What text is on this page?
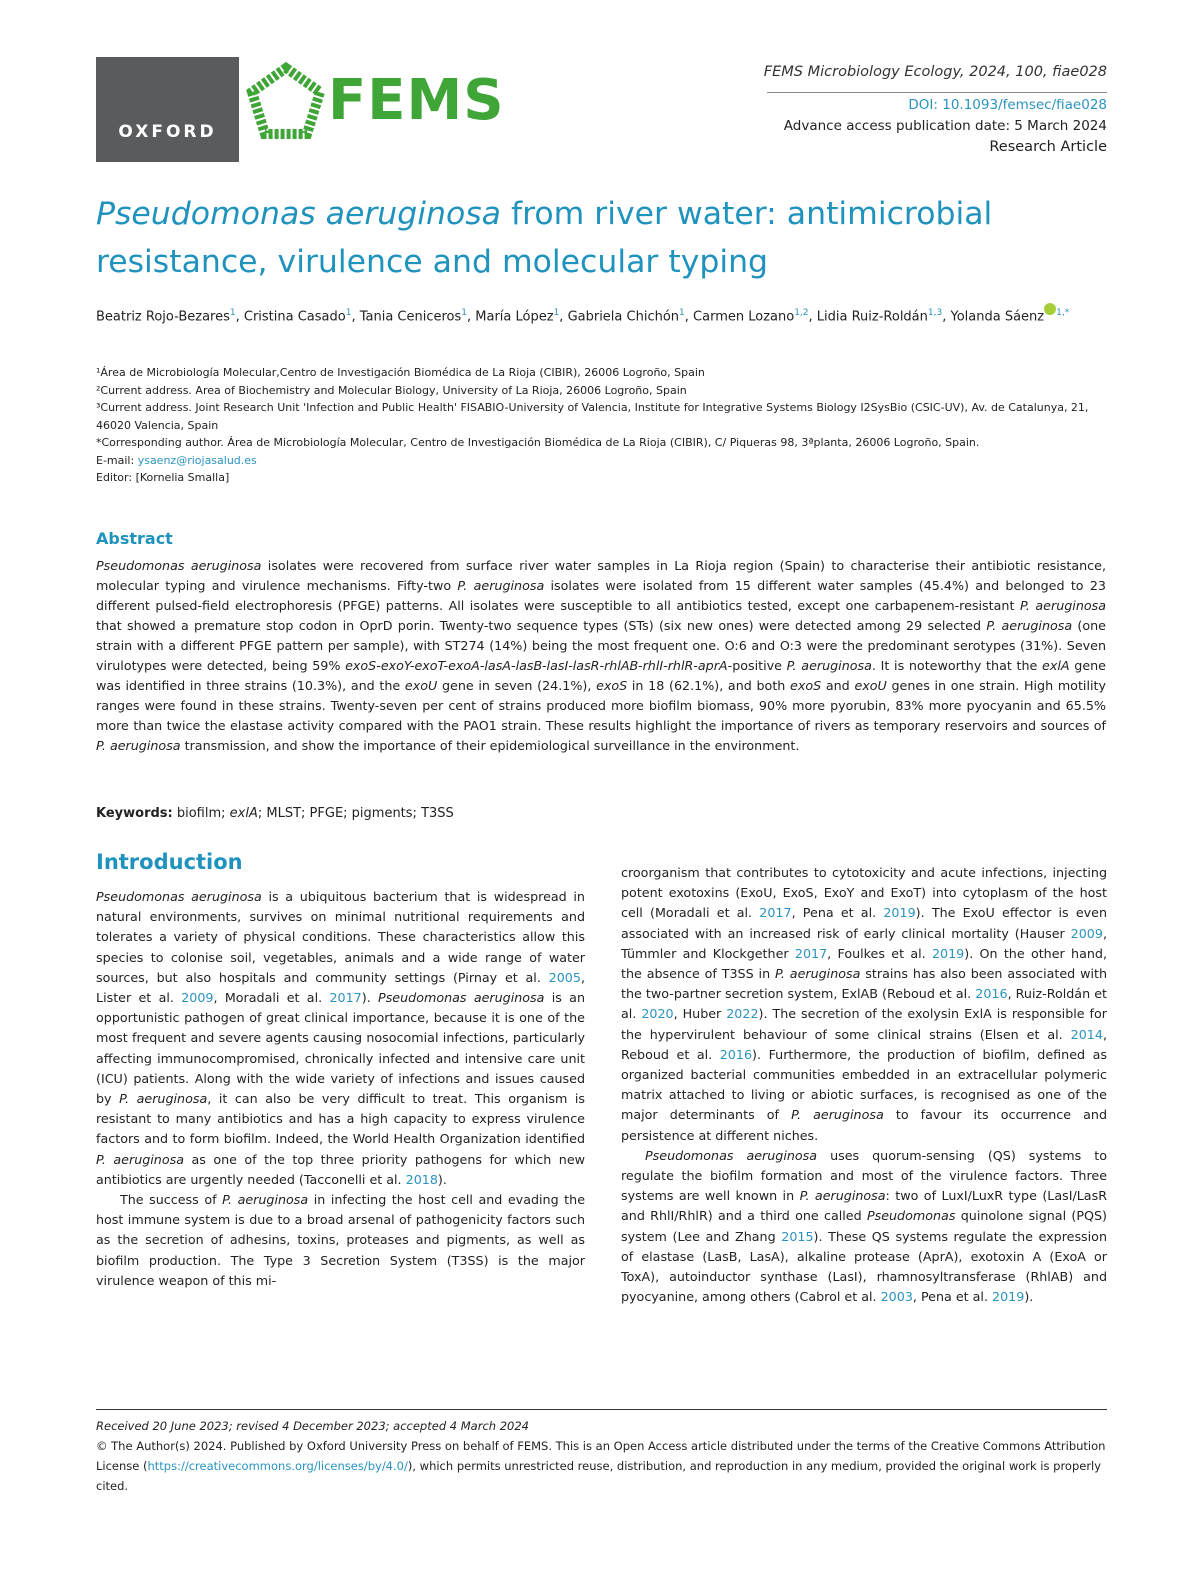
OXFORD	FEMS	FEMS Microbiology Ecology, 2024, 100, fiae028
DOI: 10.1093/femsec/fiae028
Advance access publication date: 5 March 2024
Research Article
Pseudomonas aeruginosa from river water: antimicrobial resistance, virulence and molecular typing
Beatriz Rojo-Bezares$^1$, Cristina Casado$^1$, Tania Ceniceros$^1$, María López$^1$, Gabriela Chichón$^1$, Carmen Lozano$^{1,2}$, Lidia Ruiz-Roldán$^{1,3}$, Yolanda Sáenz $^{1,*}$

¹Área de Microbiología Molecular,Centro de Investigación Biomédica de La Rioja (CIBIR), 26006 Logroño, Spain

²Current address. Area of Biochemistry and Molecular Biology, University of La Rioja, 26006 Logroño, Spain

³Current address. Joint Research Unit 'Infection and Public Health' FISABIO-University of Valencia, Institute for Integrative Systems Biology I2SysBio (CSIC-UV), Av. de Catalunya, 21, 46020 Valencia, Spain

*Corresponding author. Área de Microbiología Molecular, Centro de Investigación Biomédica de La Rioja (CIBIR), C/ Piqueras 98, 3ªplanta, 26006 Logroño, Spain.

E-mail: ysaenz@riojasalud.es

Editor: [Kornelia Smalla]

Abstract

Pseudomonas aeruginosa isolates were recovered from surface river water samples in La Rioja region (Spain) to characterise their antibiotic resistance, molecular typing and virulence mechanisms. Fifty-two P. aeruginosa isolates were isolated from 15 different water samples (45.4%) and belonged to 23 different pulsed-field electrophoresis (PFGE) patterns. All isolates were susceptible to all antibiotics tested, except one carbapenem-resistant P. aeruginosa that showed a premature stop codon in OprD porin. Twenty-two sequence types (STs) (six new ones) were detected among 29 selected P. aeruginosa (one strain with a different PFGE pattern per sample), with ST274 (14%) being the most frequent one. O:6 and O:3 were the predominant serotypes (31%). Seven virulotypes were detected, being 59% exoS-exoY-exoT-exoA-lasA-lasB-lasI-lasR-rhlAB-rhlI-rhlR-aprA-positive P. aeruginosa. It is noteworthy that the exlA gene was identified in three strains (10.3%), and the exoU gene in seven (24.1%), exoS in 18 (62.1%), and both exoS and exoU genes in one strain. High motility ranges were found in these strains. Twenty-seven per cent of strains produced more biofilm biomass, 90% more pyorubin, 83% more pyocyanin and 65.5% more than twice the elastase activity compared with the PAO1 strain. These results highlight the importance of rivers as temporary reservoirs and sources of P. aeruginosa transmission, and show the importance of their epidemiological surveillance in the environment.

Keywords: biofilm; exlA; MLST; PFGE; pigments; T3SS
Introduction

Pseudomonas aeruginosa is a ubiquitous bacterium that is widespread in natural environments, survives on minimal nutritional requirements and tolerates a variety of physical conditions. These characteristics allow this species to colonise soil, vegetables, animals and a wide range of water sources, but also hospitals and community settings (Pirnay et al. 2005, Lister et al. 2009, Moradali et al. 2017). Pseudomonas aeruginosa is an opportunistic pathogen of great clinical importance, because it is one of the most frequent and severe agents causing nosocomial infections, particularly affecting immunocompromised, chronically infected and intensive care unit (ICU) patients. Along with the wide variety of infections and issues caused by P. aeruginosa, it can also be very difficult to treat. This organism is resistant to many antibiotics and has a high capacity to express virulence factors and to form biofilm. Indeed, the World Health Organization identified P. aeruginosa as one of the top three priority pathogens for which new antibiotics are urgently needed (Tacconelli et al. 2018).

The success of P. aeruginosa in infecting the host cell and evading the host immune system is due to a broad arsenal of pathogenicity factors such as the secretion of adhesins, toxins, proteases and pigments, as well as biofilm production. The Type 3 Secretion System (T3SS) is the major virulence weapon of this mi-

croorganism that contributes to cytotoxicity and acute infections, injecting potent exotoxins (ExoU, ExoS, ExoY and ExoT) into cytoplasm of the host cell (Moradali et al. 2017, Pena et al. 2019). The ExoU effector is even associated with an increased risk of early clinical mortality (Hauser 2009, Tümmler and Klockgether 2017, Foulkes et al. 2019). On the other hand, the absence of T3SS in P. aeruginosa strains has also been associated with the two-partner secretion system, ExlAB (Reboud et al. 2016, Ruiz-Roldán et al. 2020, Huber 2022). The secretion of the exolysin ExlA is responsible for the hypervirulent behaviour of some clinical strains (Elsen et al. 2014, Reboud et al. 2016). Furthermore, the production of biofilm, defined as organized bacterial communities embedded in an extracellular polymeric matrix attached to living or abiotic surfaces, is recognised as one of the major determinants of P. aeruginosa to favour its occurrence and persistence at different niches.

Pseudomonas aeruginosa uses quorum-sensing (QS) systems to regulate the biofilm formation and most of the virulence factors. Three systems are well known in P. aeruginosa: two of LuxI/LuxR type (LasI/LasR and RhlI/RhlR) and a third one called Pseudomonas quinolone signal (PQS) system (Lee and Zhang 2015). These QS systems regulate the expression of elastase (LasB, LasA), alkaline protease (AprA), exotoxin A (ExoA or ToxA), autoinductor synthase (LasI), rhamnosyltransferase (RhlAB) and pyocyanine, among others (Cabrol et al. 2003, Pena et al. 2019).

Received 20 June 2023; revised 4 December 2023; accepted 4 March 2024

© The Author(s) 2024. Published by Oxford University Press on behalf of FEMS. This is an Open Access article distributed under the terms of the Creative Commons Attribution License (https://creativecommons.org/licenses/by/4.0/), which permits unrestricted reuse, distribution, and reproduction in any medium, provided the original work is properly cited.
